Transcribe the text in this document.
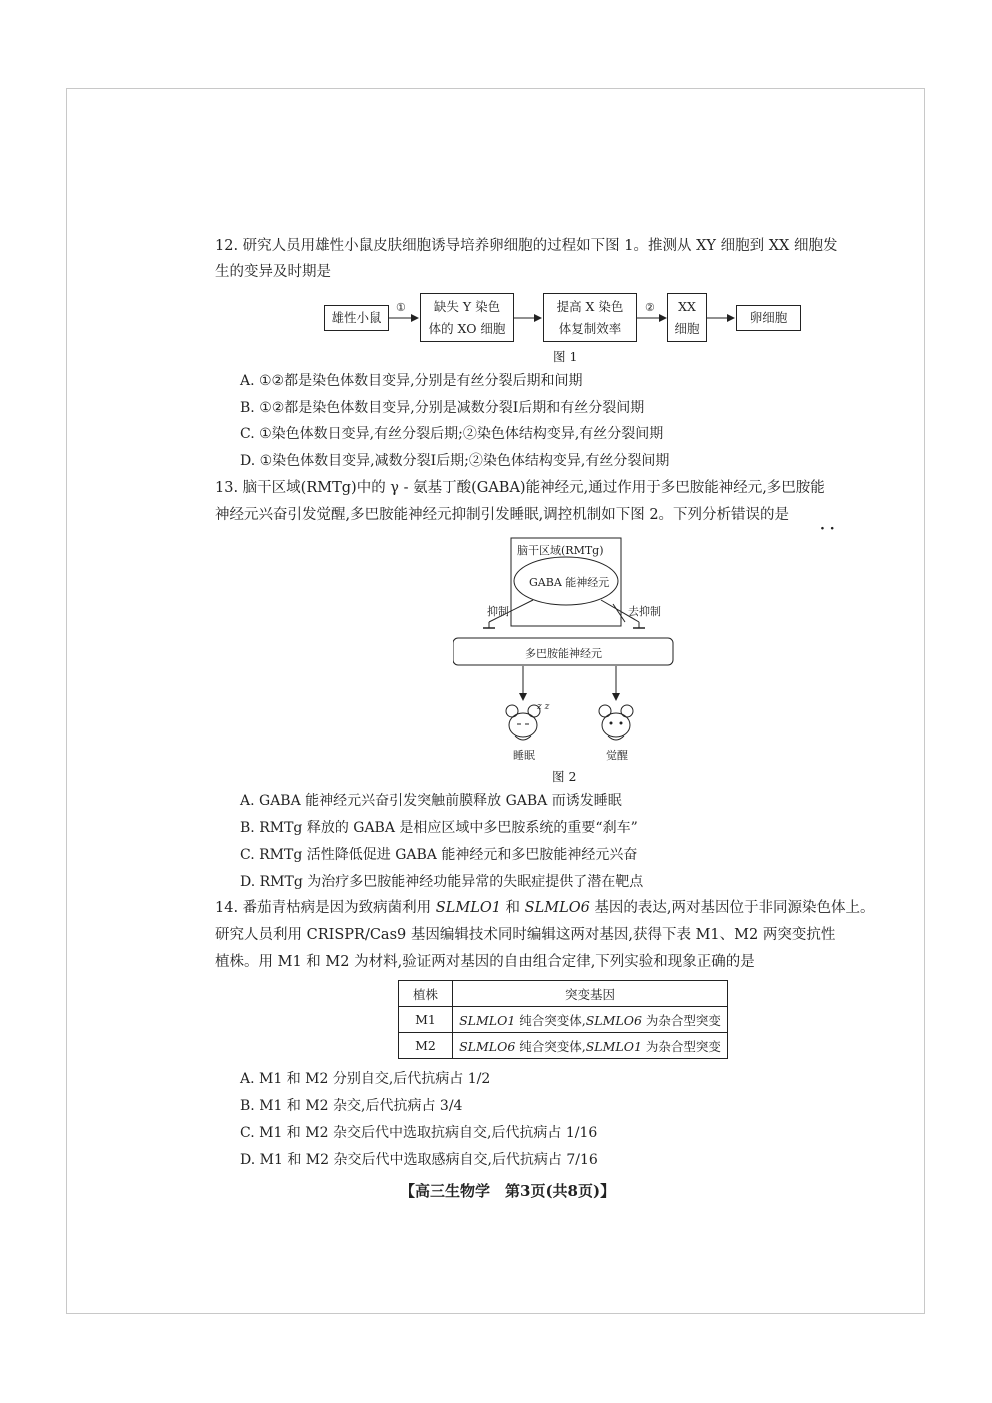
12. 研究人员用雄性小鼠皮肤细胞诱导培养卵细胞的过程如下图 1。推测从 XY 细胞到 XX 细胞发
生的变异及时期是
雄性小鼠
① 缺失 Y 染色
体的 XO 细胞
提高 X 染色
体复制效率
② XX
细胞
卵细胞
图 1
A. ①②都是染色体数目变异,分别是有丝分裂后期和间期
B. ①②都是染色体数目变异,分别是减数分裂Ⅰ后期和有丝分裂间期
C. ①染色体数日变异,有丝分裂后期;②染色体结构变异,有丝分裂间期
D. ①染色体数目变异,减数分裂Ⅰ后期;②染色体结构变异,有丝分裂间期
13. 脑干区域(RMTg)中的 γ - 氨基丁酸(GABA)能神经元,通过作用于多巴胺能神经元,多巴胺能
神经元兴奋引发觉醒,多巴胺能神经元抑制引发睡眠,调控机制如下图 2。下列分析错误的是
· ·
脑干区域(RMTg)
GABA 能神经元
抑制	去抑制
多巴胺能神经元
z z
睡眠	觉醒
图 2
A. GABA 能神经元兴奋引发突触前膜释放 GABA 而诱发睡眠
B. RMTg 释放的 GABA 是相应区域中多巴胺系统的重要“刹车”
C. RMTg 活性降低促进 GABA 能神经元和多巴胺能神经元兴奋
D. RMTg 为治疗多巴胺能神经功能异常的失眠症提供了潜在靶点
14. 番茄青枯病是因为致病菌利用 SLMLO1 和 SLMLO6 基因的表达,两对基因位于非同源染色体上。
研究人员利用 CRISPR/Cas9 基因编辑技术同时编辑这两对基因,获得下表 M1、M2 两突变抗性
植株。用 M1 和 M2 为材料,验证两对基因的自由组合定律,下列实验和现象正确的是
植株	突变基因
M1	SLMLO1 纯合突变体,SLMLO6 为杂合型突变
M2	SLMLO6 纯合突变体,SLMLO1 为杂合型突变
A. M1 和 M2 分别自交,后代抗病占 1/2
B. M1 和 M2 杂交,后代抗病占 3/4
C. M1 和 M2 杂交后代中选取抗病自交,后代抗病占 1/16
D. M1 和 M2 杂交后代中选取感病自交,后代抗病占 7/16
【高三生物学　第3页(共8页)】
